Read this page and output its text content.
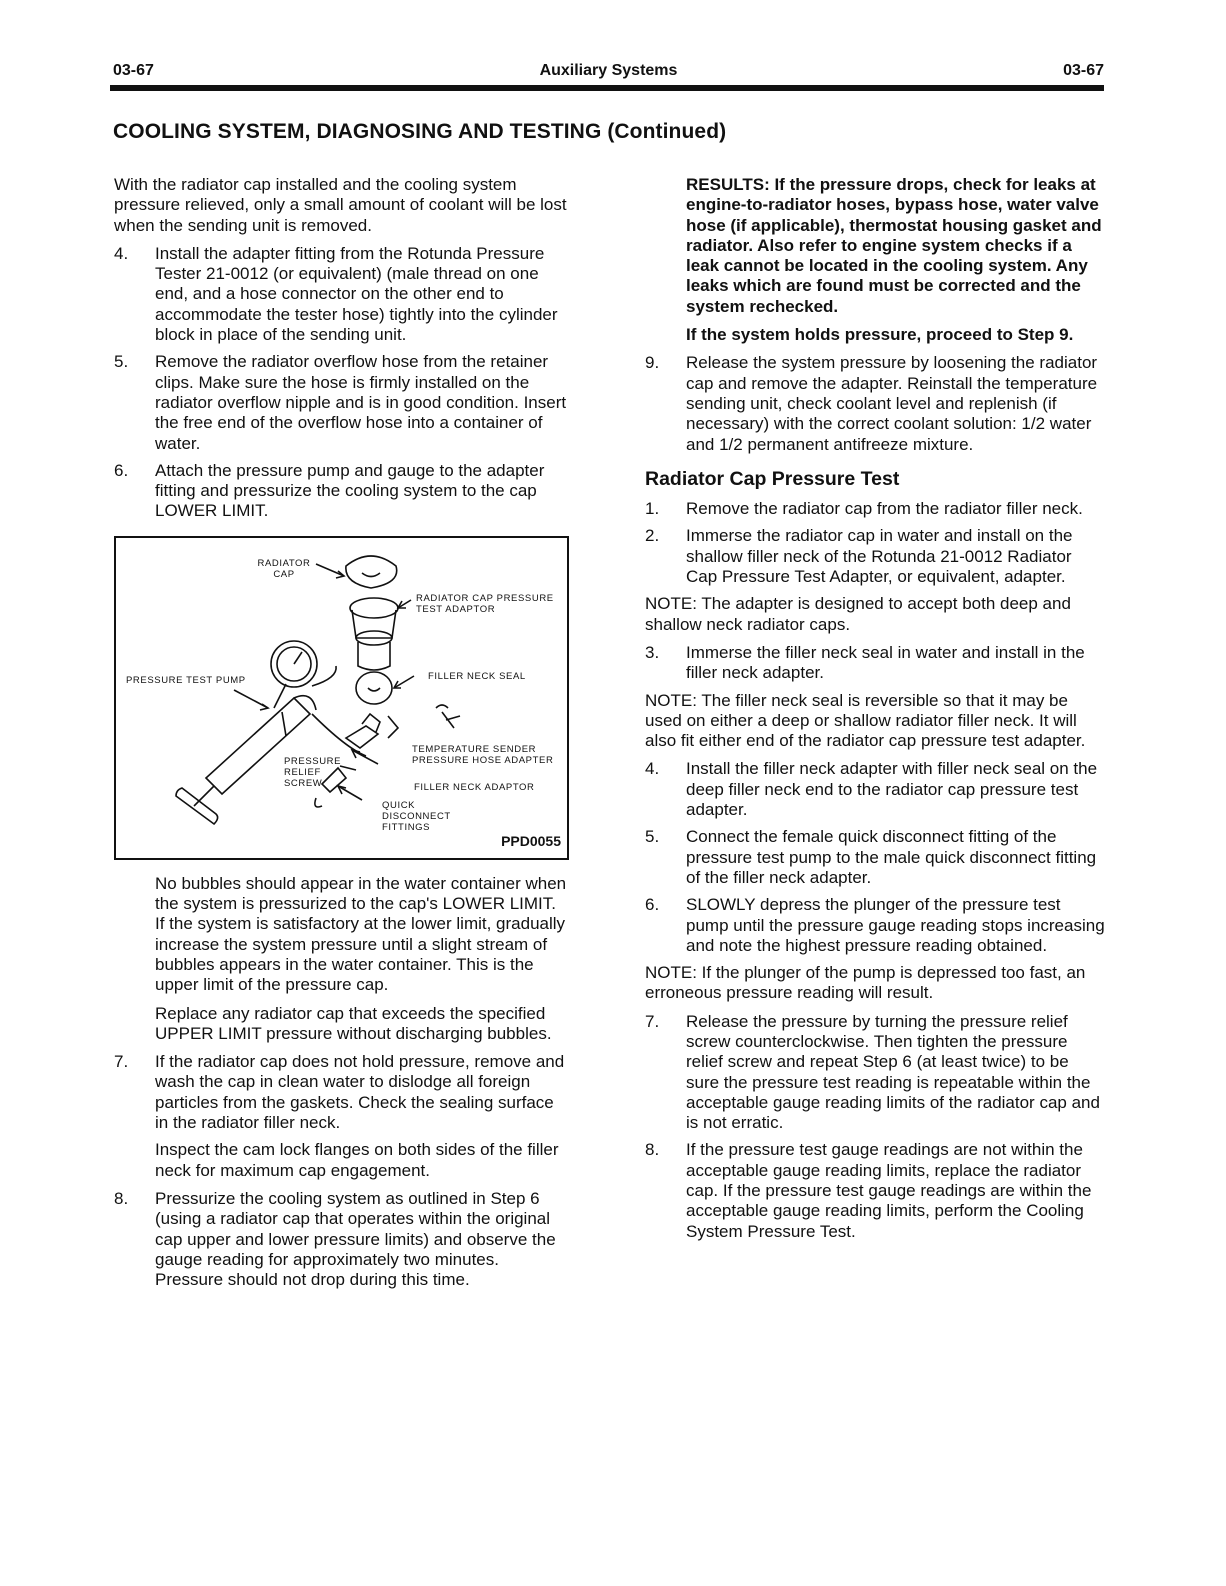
03-67	Auxiliary Systems	03-67
COOLING SYSTEM, DIAGNOSING AND TESTING (Continued)

With the radiator cap installed and the cooling system pressure relieved, only a small amount of coolant will be lost when the sending unit is removed.

4. Install the adapter fitting from the Rotunda Pressure Tester 21-0012 (or equivalent) (male thread on one end, and a hose connector on the other end to accommodate the tester hose) tightly into the cylinder block in place of the sending unit.
5. Remove the radiator overflow hose from the retainer clips. Make sure the hose is firmly installed on the radiator overflow nipple and is in good condition. Insert the free end of the overflow hose into a container of water.
6. Attach the pressure pump and gauge to the adapter fitting and pressurize the cooling system to the cap LOWER LIMIT.
RADIATOR CAP
RADIATOR CAP PRESSURE TEST ADAPTOR
PRESSURE TEST PUMP	FILLER NECK SEAL
TEMPERATURE SENDER PRESSURE HOSE ADAPTER
PRESSURE RELIEF SCREW	FILLER NECK ADAPTOR
QUICK DISCONNECT FITTINGS
PPD0055

No bubbles should appear in the water container when the system is pressurized to the cap's LOWER LIMIT. If the system is satisfactory at the lower limit, gradually increase the system pressure until a slight stream of bubbles appears in the water container. This is the upper limit of the pressure cap.

Replace any radiator cap that exceeds the specified UPPER LIMIT pressure without discharging bubbles.

7. If the radiator cap does not hold pressure, remove and wash the cap in clean water to dislodge all foreign particles from the gaskets. Check the sealing surface in the radiator filler neck.

Inspect the cam lock flanges on both sides of the filler neck for maximum cap engagement.

8. Pressurize the cooling system as outlined in Step 6 (using a radiator cap that operates within the original cap upper and lower pressure limits) and observe the gauge reading for approximately two minutes. Pressure should not drop during this time.

RESULTS: If the pressure drops, check for leaks at engine-to-radiator hoses, bypass hose, water valve hose (if applicable), thermostat housing gasket and radiator. Also refer to engine system checks if a leak cannot be located in the cooling system. Any leaks which are found must be corrected and the system rechecked.

If the system holds pressure, proceed to Step 9.

9. Release the system pressure by loosening the radiator cap and remove the adapter. Reinstall the temperature sending unit, check coolant level and replenish (if necessary) with the correct coolant solution: 1/2 water and 1/2 permanent antifreeze mixture.
Radiator Cap Pressure Test
1. Remove the radiator cap from the radiator filler neck.
2. Immerse the radiator cap in water and install on the shallow filler neck of the Rotunda 21-0012 Radiator Cap Pressure Test Adapter, or equivalent, adapter.

NOTE: The adapter is designed to accept both deep and shallow neck radiator caps.

3. Immerse the filler neck seal in water and install in the filler neck adapter.

NOTE: The filler neck seal is reversible so that it may be used on either a deep or shallow radiator filler neck. It will also fit either end of the radiator cap pressure test adapter.

4. Install the filler neck adapter with filler neck seal on the deep filler neck end to the radiator cap pressure test adapter.
5. Connect the female quick disconnect fitting of the pressure test pump to the male quick disconnect fitting of the filler neck adapter.
6. SLOWLY depress the plunger of the pressure test pump until the pressure gauge reading stops increasing and note the highest pressure reading obtained.

NOTE: If the plunger of the pump is depressed too fast, an erroneous pressure reading will result.

7. Release the pressure by turning the pressure relief screw counterclockwise. Then tighten the pressure relief screw and repeat Step 6 (at least twice) to be sure the pressure test reading is repeatable within the acceptable gauge reading limits of the radiator cap and is not erratic.
8. If the pressure test gauge readings are not within the acceptable gauge reading limits, replace the radiator cap. If the pressure test gauge readings are within the acceptable gauge reading limits, perform the Cooling System Pressure Test.
